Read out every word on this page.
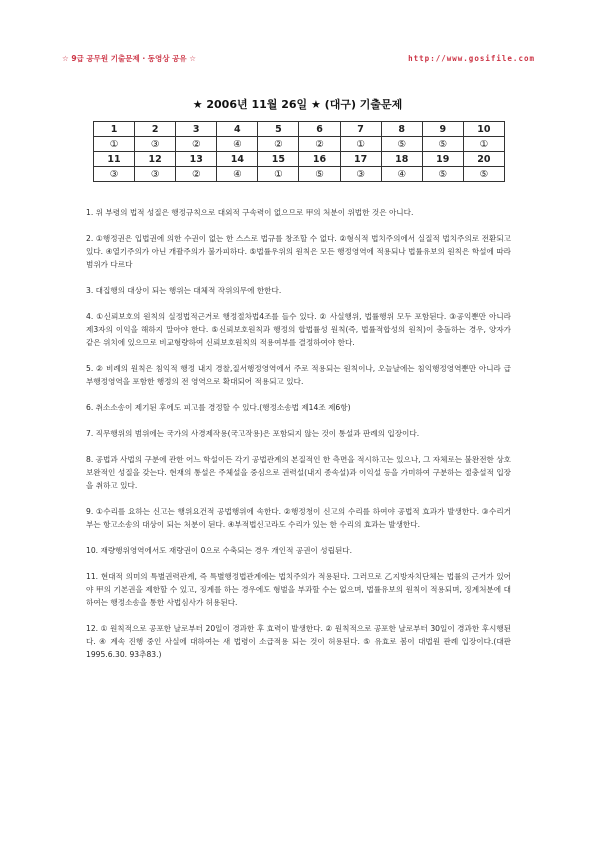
☆ 9급 공무원 기출문제 · 동영상 공유 ☆	http://www.gosifile.com
★ 2006년 11월 26일 ★ (대구) 기출문제
1	2	3	4	5	6	7	8	9	10
①	③	②	④	②	②	①	⑤	⑤	①
11	12	13	14	15	16	17	18	19	20
③	③	②	④	①	⑤	③	④	⑤	⑤

1. 위 부령의 법적 성질은 행정규칙으로 대외적 구속력이 없으므로 甲의 처분이 위법한 것은 아니다.

2. ①행정권은 입법권에 의한 수권이 없는 한 스스로 법규를 창조할 수 없다. ②형식적 법치주의에서 실질적 법치주의로 전환되고 있다. ④열기주의가 아닌 개괄주의가 불가피하다. ⑤법률우위의 원칙은 모든 행정영역에 적용되나 법률유보의 원칙은 학설에 따라 범위가 다르다

3. 대집행의 대상이 되는 행위는 대체적 작위의무에 한한다.

4. ①신뢰보호의 원칙의 실정법적근거로 행정절차법4조를 들수 있다. ② 사실행위, 법률행위 모두 포함된다. ③공익뿐만 아니라 제3자의 이익을 해하지 말아야 한다. ⑤신뢰보호원칙과 행정의 합법률성 원칙(즉, 법률적합성의 원칙)이 충돌하는 경우, 양자가 같은 위치에 있으므로 비교형량하여 신뢰보호원칙의 적용여부를 결정하여야 한다.

5. ② 비례의 원칙은 침익적 행정 내지 경찰,질서행정영역에서 주로 적용되는 원칙이나, 오늘날에는 침익행정영역뿐만 아니라 급부행정영역을 포함한 행정의 전 영역으로 확대되어 적용되고 있다.

6. 취소소송이 제기된 후에도 피고를 경정할 수 있다.(행정소송법 제14조 제6항)

7. 직무행위의 범위에는 국가의 사경제작용(국고작용)은 포함되지 않는 것이 통설과 판례의 입장이다.

8. 공법과 사법의 구분에 관한 어느 학설이든 각기 공법관계의 본질적인 한 측면을 적시하고는 있으나, 그 자체로는 불완전한 상호보완적인 성질을 갖는다. 현재의 통설은 주체설을 중심으로 권력설(내지 종속설)과 이익설 등을 가미하여 구분하는 절충설적 입장을 취하고 있다.

9. ①수리를 요하는 신고는 행위요건적 공법행위에 속한다. ②행정청이 신고의 수리를 하여야 공법적 효과가 발생한다. ③수리거부는 항고소송의 대상이 되는 처분이 된다. ④부적법신고라도 수리가 있는 한 수리의 효과는 발생한다.

10. 재량행위영역에서도 재량권이 0으로 수축되는 경우 개인적 공권이 성립된다.

11. 현대적 의미의 특별권력관계, 즉 특별행정법관계에는 법치주의가 적용된다. 그러므로 乙지방자치단체는 법률의 근거가 있어야 甲의 기본권을 제한할 수 있고, 징계를 하는 경우에도 형벌을 부과할 수는 없으며, 법률유보의 원칙이 적용되며, 징계처분에 대하여는 행정소송을 통한 사법심사가 허용된다.

12. ① 원칙적으로 공포한 날로부터 20일이 경과한 후 효력이 발생한다. ② 원칙적으로 공포한 날로부터 30일이 경과한 후시행된다. ④ 계속 진행 중인 사실에 대하여는 새 법령이 소급적용 되는 것이 허용된다. ⑤ 유효로 봄이 대법원 판례 입장이다.(대판1995.6.30. 93추83.)
